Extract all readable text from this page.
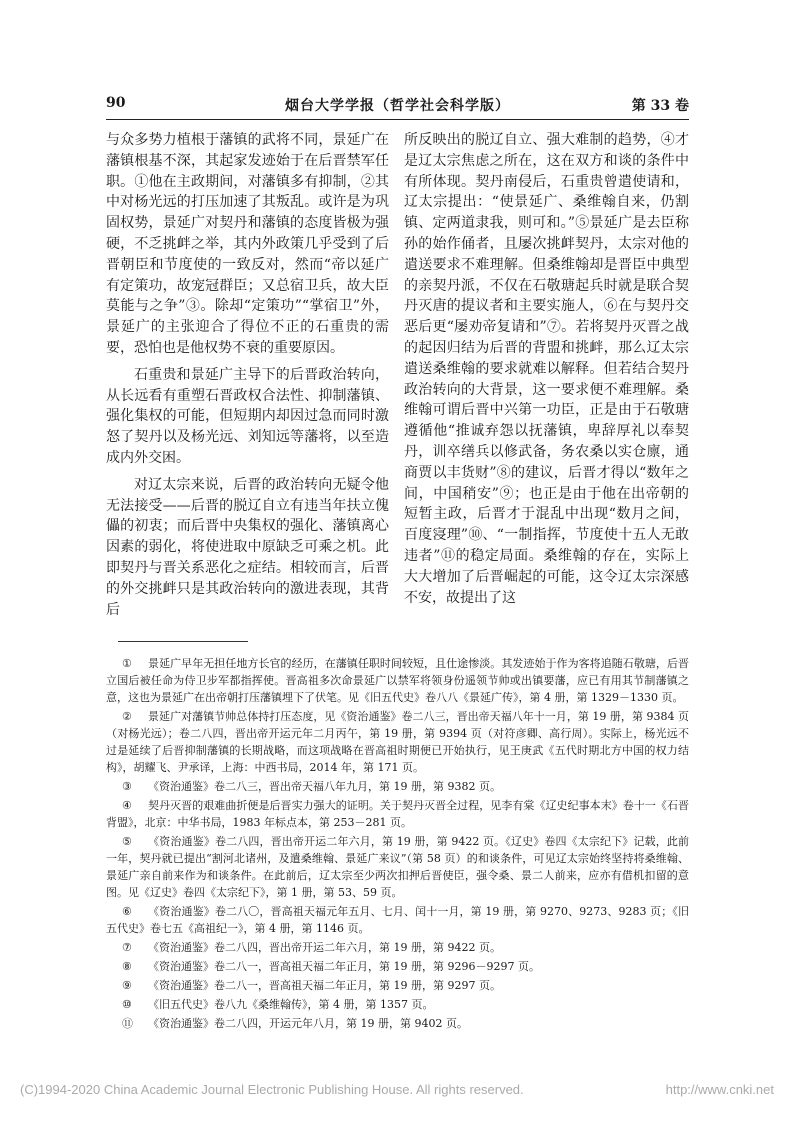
90	烟台大学学报（哲学社会科学版）	第 33 卷

与众多势力植根于藩镇的武将不同，景延广在藩镇根基不深，其起家发迹始于在后晋禁军任职。①他在主政期间，对藩镇多有抑制，②其中对杨光远的打压加速了其叛乱。或许是为巩固权势，景延广对契丹和藩镇的态度皆极为强硬，不乏挑衅之举，其内外政策几乎受到了后晋朝臣和节度使的一致反对，然而“帝以延广有定策功，故宠冠群臣；又总宿卫兵，故大臣莫能与之争”③。除却“定策功”“掌宿卫”外，景延广的主张迎合了得位不正的石重贵的需要，恐怕也是他权势不衰的重要原因。

石重贵和景延广主导下的后晋政治转向，从长远看有重塑石晋政权合法性、抑制藩镇、强化集权的可能，但短期内却因过急而同时激怒了契丹以及杨光远、刘知远等藩将，以至造成内外交困。

对辽太宗来说，后晋的政治转向无疑令他无法接受——后晋的脱辽自立有违当年扶立傀儡的初衷；而后晋中央集权的强化、藩镇离心因素的弱化，将使进取中原缺乏可乘之机。此即契丹与晋关系恶化之症结。相较而言，后晋的外交挑衅只是其政治转向的激进表现，其背后

所反映出的脱辽自立、强大难制的趋势，④才是辽太宗焦虑之所在，这在双方和谈的条件中有所体现。契丹南侵后，石重贵曾遣使请和，辽太宗提出：“使景延广、桑维翰自来，仍割镇、定两道隶我，则可和。”⑤景延广是去臣称孙的始作俑者，且屡次挑衅契丹，太宗对他的遣送要求不难理解。但桑维翰却是晋臣中典型的亲契丹派，不仅在石敬瑭起兵时就是联合契丹灭唐的提议者和主要实施人，⑥在与契丹交恶后更“屡劝帝复请和”⑦。若将契丹灭晋之战的起因归结为后晋的背盟和挑衅，那么辽太宗遣送桑维翰的要求就难以解释。但若结合契丹政治转向的大背景，这一要求便不难理解。桑维翰可谓后晋中兴第一功臣，正是由于石敬瑭遵循他“推诚弃怨以抚藩镇，卑辞厚礼以奉契丹，训卒缮兵以修武备，务农桑以实仓廪，通商贾以丰货财”⑧的建议，后晋才得以“数年之间，中国稍安”⑨；也正是由于他在出帝朝的短暂主政，后晋才于混乱中出现“数月之间，百度寖理”⑩、“一制指挥，节度使十五人无敢违者”⑪的稳定局面。桑维翰的存在，实际上大大增加了后晋崛起的可能，这令辽太宗深感不安，故提出了这

① 景延广早年无担任地方长官的经历，在藩镇任职时间较短，且仕途惨淡。其发迹始于作为客将追随石敬瑭，后晋立国后被任命为侍卫步军都指挥使。晋高祖多次命景延广以禁军将领身份遥领节帅或出镇要藩，应已有用其节制藩镇之意，这也为景延广在出帝朝打压藩镇埋下了伏笔。见《旧五代史》卷八八《景延广传》，第 4 册，第 1329－1330 页。
② 景延广对藩镇节帅总体持打压态度，见《资治通鉴》卷二八三，晋出帝天福八年十一月，第 19 册，第 9384 页（对杨光远）；卷二八四，晋出帝开运元年二月丙午，第 19 册，第 9394 页（对符彦卿、高行周）。实际上，杨光远不过是延续了后晋抑制藩镇的长期战略，而这项战略在晋高祖时期便已开始执行，见王庚武《五代时期北方中国的权力结构》，胡耀飞、尹承译，上海：中西书局，2014 年，第 171 页。
③ 《资治通鉴》卷二八三，晋出帝天福八年九月，第 19 册，第 9382 页。
④ 契丹灭晋的艰难曲折便是后晋实力强大的证明。关于契丹灭晋全过程，见李有棠《辽史纪事本末》卷十一《石晋背盟》，北京：中华书局，1983 年标点本，第 253－281 页。
⑤ 《资治通鉴》卷二八四，晋出帝开运二年六月，第 19 册，第 9422 页。《辽史》卷四《太宗纪下》记载，此前一年，契丹就已提出“割河北诸州，及遣桑维翰、景延广来议”（第 58 页）的和谈条件，可见辽太宗始终坚持将桑维翰、景延广亲自前来作为和谈条件。在此前后，辽太宗至少两次扣押后晋使臣，强令桑、景二人前来，应亦有借机扣留的意图。见《辽史》卷四《太宗纪下》，第 1 册，第 53、59 页。
⑥ 《资治通鉴》卷二八〇，晋高祖天福元年五月、七月、闰十一月，第 19 册，第 9270、9273、9283 页；《旧五代史》卷七五《高祖纪一》，第 4 册，第 1146 页。
⑦ 《资治通鉴》卷二八四，晋出帝开运二年六月，第 19 册，第 9422 页。
⑧ 《资治通鉴》卷二八一，晋高祖天福二年正月，第 19 册，第 9296－9297 页。
⑨ 《资治通鉴》卷二八一，晋高祖天福二年正月，第 19 册，第 9297 页。
⑩ 《旧五代史》卷八九《桑维翰传》，第 4 册，第 1357 页。
⑪ 《资治通鉴》卷二八四，开运元年八月，第 19 册，第 9402 页。
(C)1994-2020 China Academic Journal Electronic Publishing House. All rights reserved.	http://www.cnki.net
